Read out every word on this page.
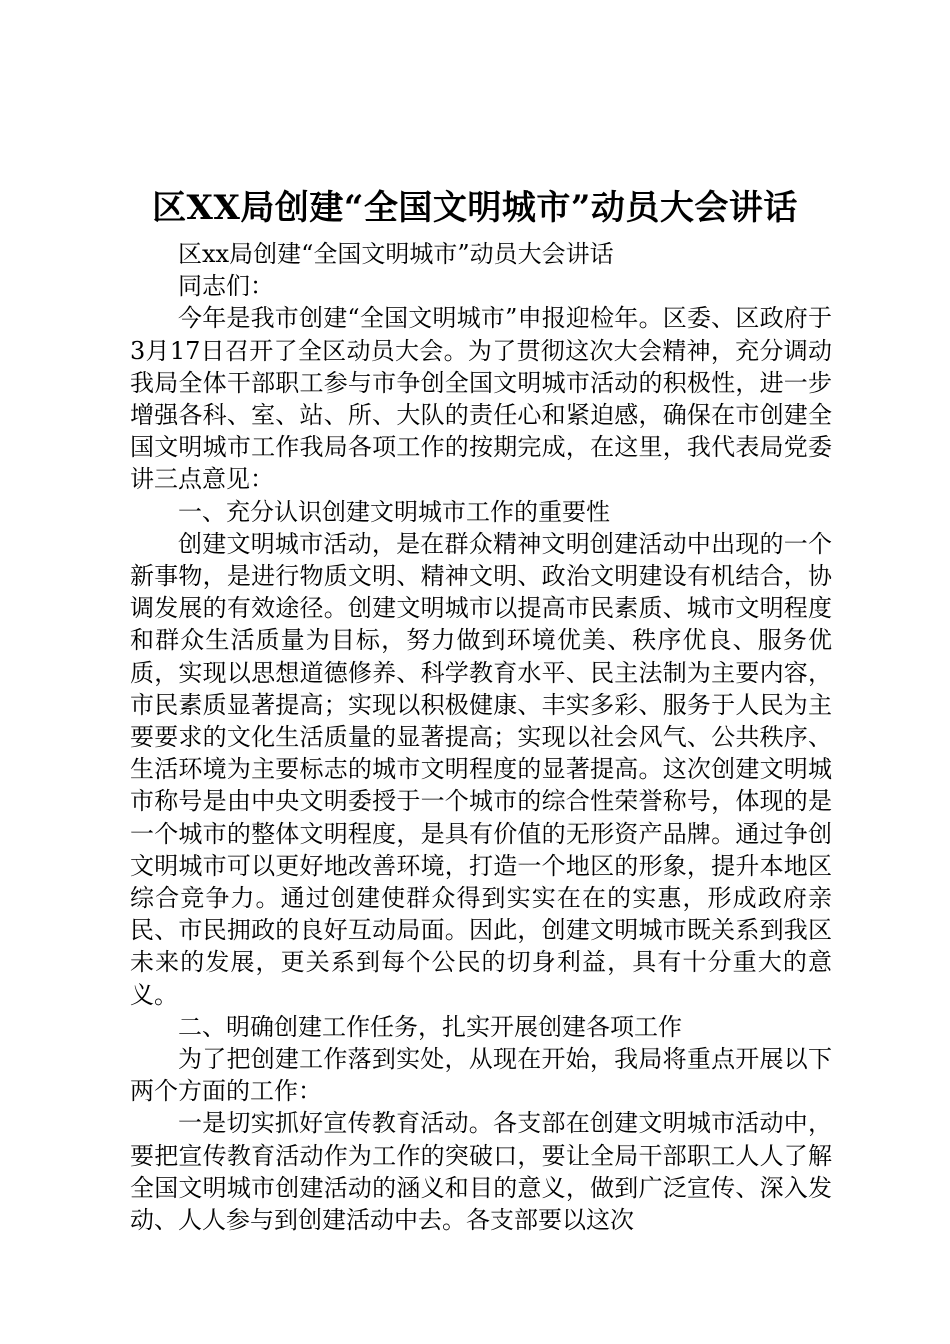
区XX局创建“全国文明城市”动员大会讲话

区xx局创建“全国文明城市”动员大会讲话

同志们：

今年是我市创建“全国文明城市”申报迎检年。区委、区政府于3月17日召开了全区动员大会。为了贯彻这次大会精神，充分调动我局全体干部职工参与市争创全国文明城市活动的积极性，进一步增强各科、室、站、所、大队的责任心和紧迫感，确保在市创建全国文明城市工作我局各项工作的按期完成，在这里，我代表局党委讲三点意见：

一、充分认识创建文明城市工作的重要性

创建文明城市活动，是在群众精神文明创建活动中出现的一个新事物，是进行物质文明、精神文明、政治文明建设有机结合，协调发展的有效途径。创建文明城市以提高市民素质、城市文明程度和群众生活质量为目标，努力做到环境优美、秩序优良、服务优质，实现以思想道德修养、科学教育水平、民主法制为主要内容，市民素质显著提高；实现以积极健康、丰实多彩、服务于人民为主要要求的文化生活质量的显著提高；实现以社会风气、公共秩序、生活环境为主要标志的城市文明程度的显著提高。这次创建文明城市称号是由中央文明委授于一个城市的综合性荣誉称号，体现的是一个城市的整体文明程度，是具有价值的无形资产品牌。通过争创文明城市可以更好地改善环境，打造一个地区的形象，提升本地区综合竞争力。通过创建使群众得到实实在在的实惠，形成政府亲民、市民拥政的良好互动局面。因此，创建文明城市既关系到我区未来的发展，更关系到每个公民的切身利益，具有十分重大的意义。

二、明确创建工作任务，扎实开展创建各项工作

为了把创建工作落到实处，从现在开始，我局将重点开展以下两个方面的工作：

一是切实抓好宣传教育活动。各支部在创建文明城市活动中，要把宣传教育活动作为工作的突破口，要让全局干部职工人人了解全国文明城市创建活动的涵义和目的意义，做到广泛宣传、深入发动、人人参与到创建活动中去。各支部要以这次
